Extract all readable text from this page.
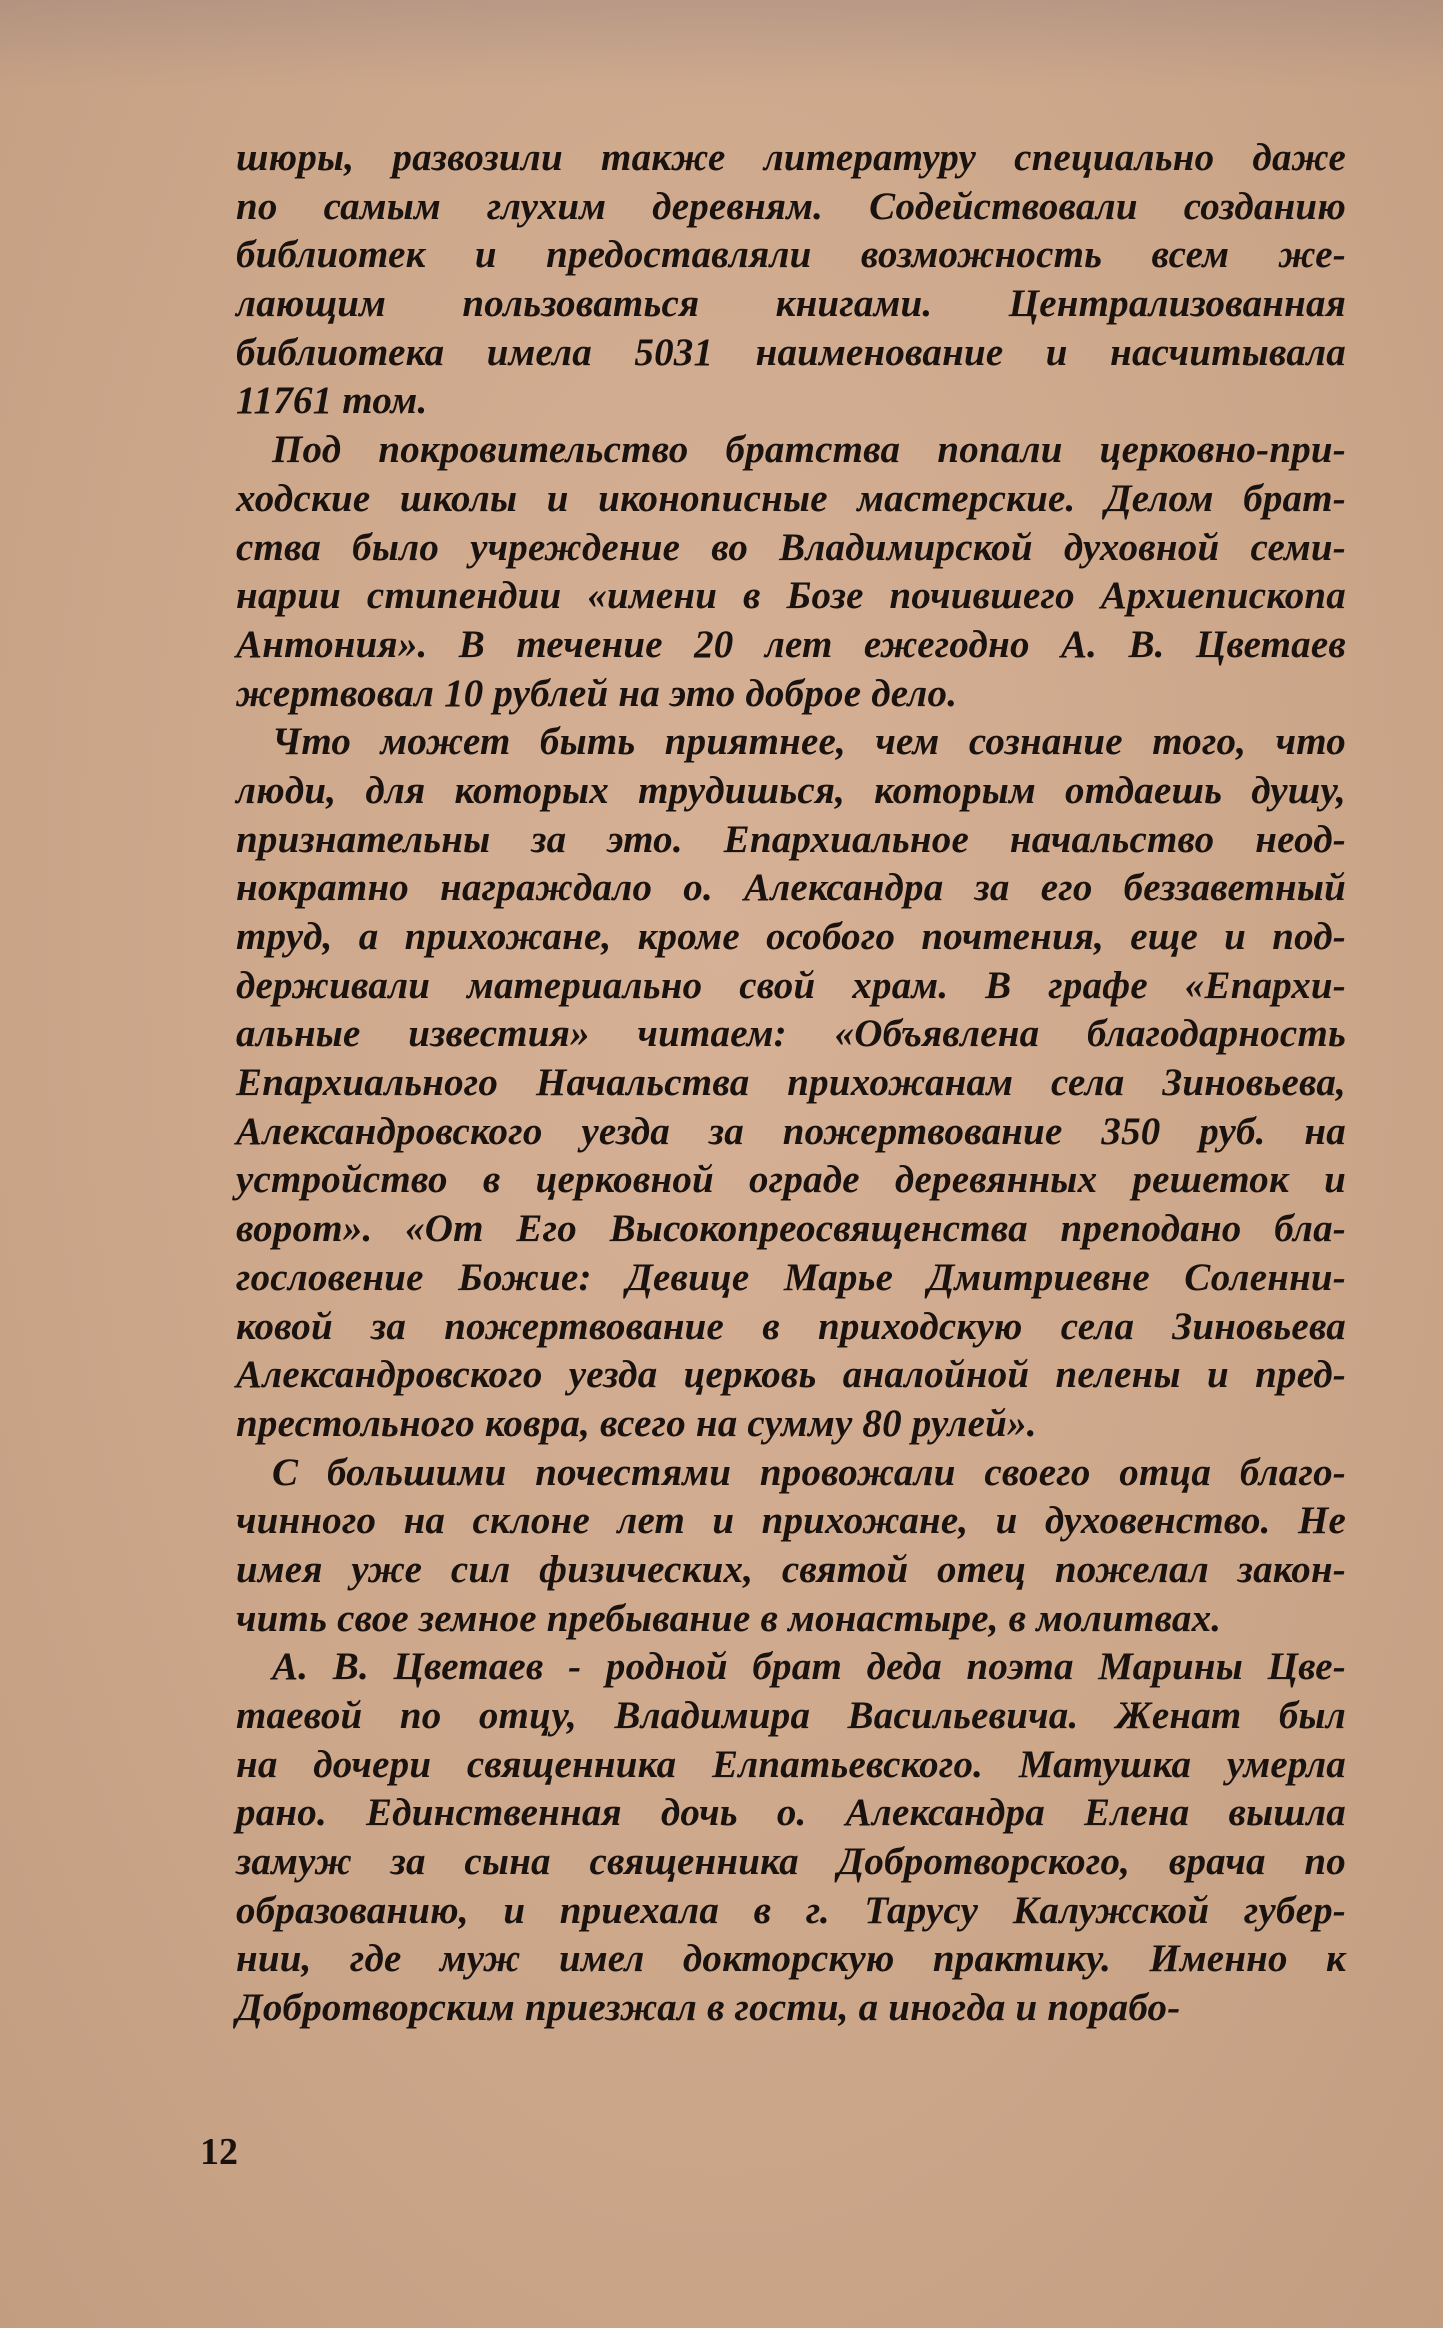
шюры, развозили также литературу специально даже
по самым глухим деревням. Содействовали созданию
библиотек и предоставляли возможность всем же-
лающим пользоваться книгами. Централизованная
библиотека имела 5031 наименование и насчитывала
11761 том.
Под покровительство братства попали церковно-при-
ходские школы и иконописные мастерские. Делом брат-
ства было учреждение во Владимирской духовной семи-
нарии стипендии «имени в Бозе почившего Архиепископа
Антония». В течение 20 лет ежегодно А. В. Цветаев
жертвовал 10 рублей на это доброе дело.
Что может быть приятнее, чем сознание того, что
люди, для которых трудишься, которым отдаешь душу,
признательны за это. Епархиальное начальство неод-
нократно награждало о. Александра за его беззаветный
труд, а прихожане, кроме особого почтения, еще и под-
держивали материально свой храм. В графе «Епархи-
альные известия» читаем: «Объявлена благодарность
Епархиального Начальства прихожанам села Зиновьева,
Александровского уезда за пожертвование 350 руб. на
устройство в церковной ограде деревянных решеток и
ворот». «От Его Высокопреосвященства преподано бла-
гословение Божие: Девице Марье Дмитриевне Соленни-
ковой за пожертвование в приходскую села Зиновьева
Александровского уезда церковь аналойной пелены и пред-
престольного ковра, всего на сумму 80 рулей».
С большими почестями провожали своего отца благо-
чинного на склоне лет и прихожане, и духовенство. Не
имея уже сил физических, святой отец пожелал закон-
чить свое земное пребывание в монастыре, в молитвах.
А. В. Цветаев - родной брат деда поэта Марины Цве-
таевой по отцу, Владимира Васильевича. Женат был
на дочери священника Елпатьевского. Матушка умерла
рано. Единственная дочь о. Александра Елена вышла
замуж за сына священника Добротворского, врача по
образованию, и приехала в г. Тарусу Калужской губер-
нии, где муж имел докторскую практику. Именно к
Добротворским приезжал в гости, а иногда и порабо-
12
